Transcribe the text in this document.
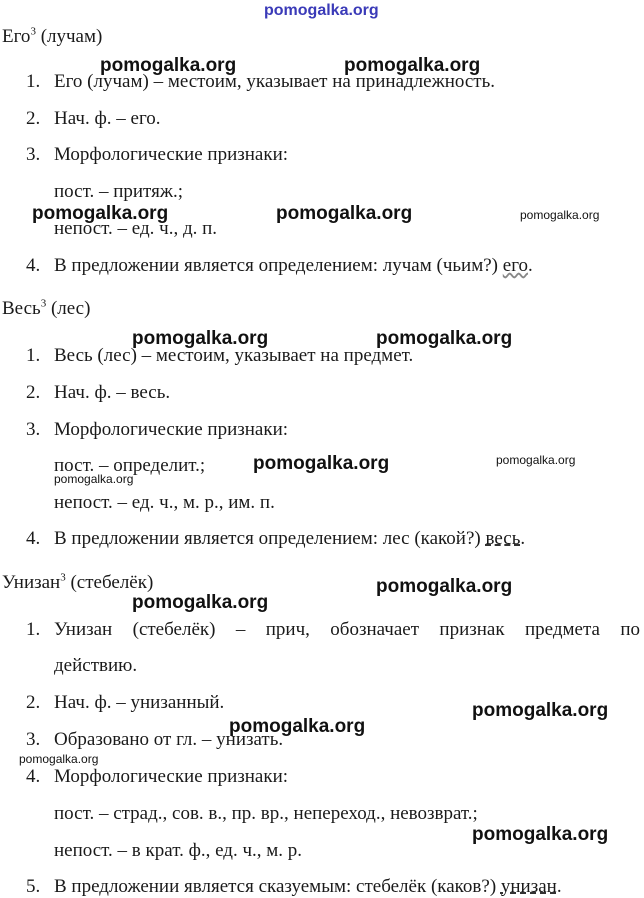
pomogalka.org
Его$^3$ (лучам)
1. Его (лучам) – местоим, указывает на принадлежность.
2. Нач. ф. – его.
3. Морфологические признаки:
пост. – притяж.;
непост. – ед. ч., д. п.
4. В предложении является определением: лучам (чьим?) его.
Весь$^3$ (лес)
1. Весь (лес) – местоим, указывает на предмет.
2. Нач. ф. – весь.
3. Морфологические признаки:
пост. – определит.;
непост. – ед. ч., м. р., им. п.
4. В предложении является определением: лес (какой?) весь.
Унизан$^3$ (стебелёк)
1. Унизан (стебелёк) – прич, обозначает признак предмета по
действию.
2. Нач. ф. – унизанный.
3. Образовано от гл. – унизать.
4. Морфологические признаки:
пост. – страд., сов. в., пр. вр., непереход., невозврат.;
непост. – в крат. ф., ед. ч., м. р.
5. В предложении является сказуемым: стебелёк (каков?) унизан.
pomogalka.org	pomogalka.org
pomogalka.org	pomogalka.org	pomogalka.org
pomogalka.org	pomogalka.org
pomogalka.org	pomogalka.org
pomogalka.org
pomogalka.org
pomogalka.org
pomogalka.org
pomogalka.org
pomogalka.org
pomogalka.org
